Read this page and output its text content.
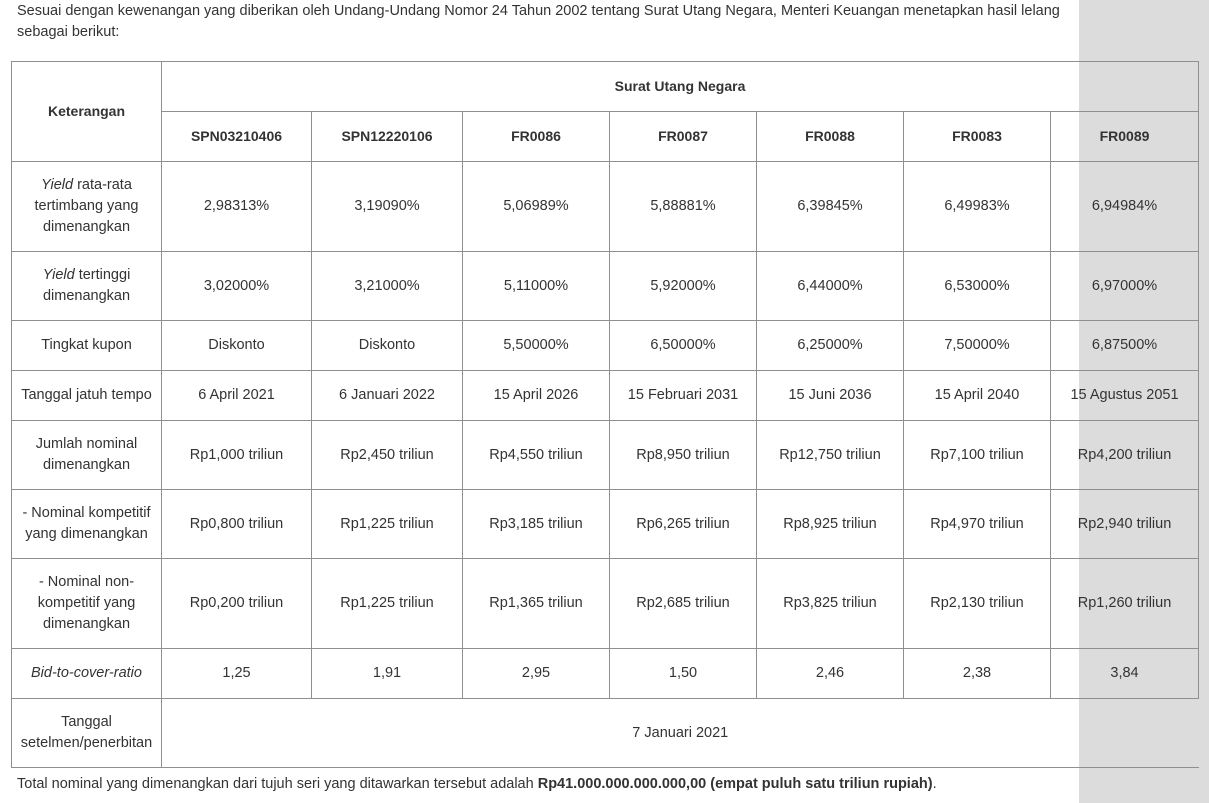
Sesuai dengan kewenangan yang diberikan oleh Undang-Undang Nomor 24 Tahun 2002 tentang Surat Utang Negara, Menteri Keuangan menetapkan hasil lelang sebagai berikut:

Keterangan	Surat Utang Negara						
	SPN03210406	SPN12220106	FR0086	FR0087	FR0088	FR0083	FR0089
Yield rata-rata tertimbang yang dimenangkan	2,98313%	3,19090%	5,06989%	5,88881%	6,39845%	6,49983%	6,94984%
Yield tertinggi dimenangkan	3,02000%	3,21000%	5,11000%	5,92000%	6,44000%	6,53000%	6,97000%
Tingkat kupon	Diskonto	Diskonto	5,50000%	6,50000%	6,25000%	7,50000%	6,87500%
Tanggal jatuh tempo	6 April 2021	6 Januari 2022	15 April 2026	15 Februari 2031	15 Juni 2036	15 April 2040	15 Agustus 2051
Jumlah nominal dimenangkan	Rp1,000 triliun	Rp2,450 triliun	Rp4,550 triliun	Rp8,950 triliun	Rp12,750 triliun	Rp7,100 triliun	Rp4,200 triliun
- Nominal kompetitif yang dimenangkan	Rp0,800 triliun	Rp1,225 triliun	Rp3,185 triliun	Rp6,265 triliun	Rp8,925 triliun	Rp4,970 triliun	Rp2,940 triliun
- Nominal non-kompetitif yang dimenangkan	Rp0,200 triliun	Rp1,225 triliun	Rp1,365 triliun	Rp2,685 triliun	Rp3,825 triliun	Rp2,130 triliun	Rp1,260 triliun
Bid-to-cover-ratio	1,25	1,91	2,95	1,50	2,46	2,38	3,84
Tanggal setelmen/penerbitan	7 Januari 2021						

Total nominal yang dimenangkan dari tujuh seri yang ditawarkan tersebut adalah Rp41.000.000.000.000,00 (empat puluh satu triliun rupiah).
